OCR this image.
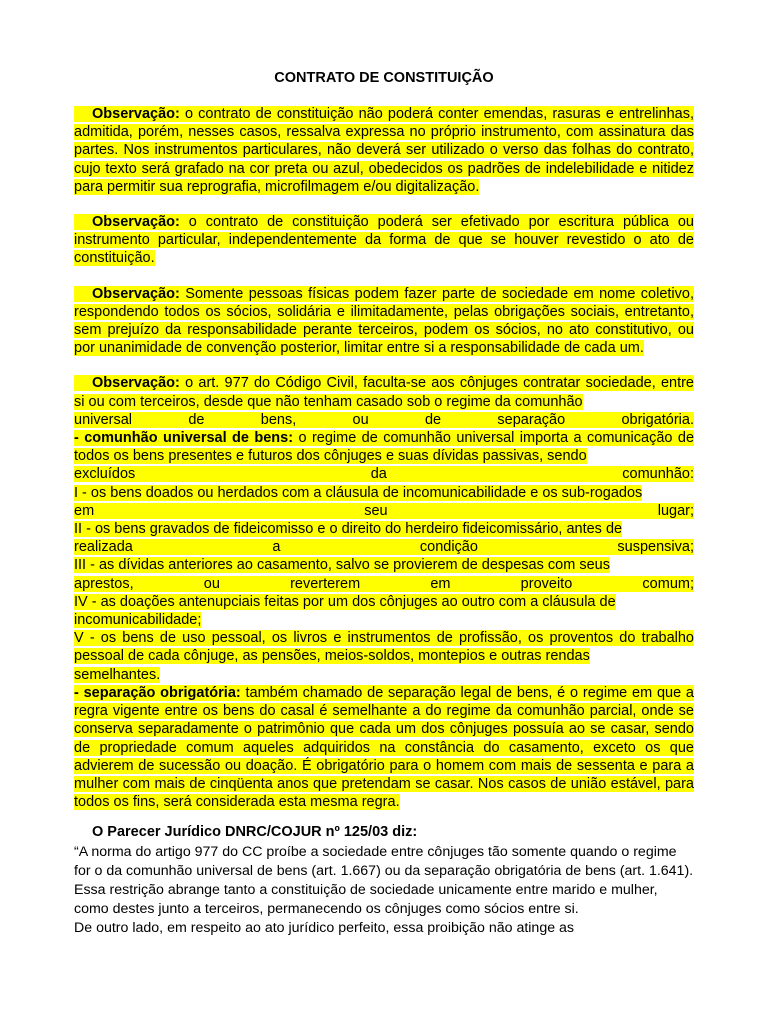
CONTRATO DE CONSTITUIÇÃO
Observação: o contrato de constituição não poderá conter emendas, rasuras e entrelinhas, admitida, porém, nesses casos, ressalva expressa no próprio instrumento, com assinatura das partes. Nos instrumentos particulares, não deverá ser utilizado o verso das folhas do contrato, cujo texto será grafado na cor preta ou azul, obedecidos os padrões de indelebilidade e nitidez para permitir sua reprografia, microfilmagem e/ou digitalização.
Observação: o contrato de constituição poderá ser efetivado por escritura pública ou instrumento particular, independentemente da forma de que se houver revestido o ato de constituição.
Observação: Somente pessoas físicas podem fazer parte de sociedade em nome coletivo, respondendo todos os sócios, solidária e ilimitadamente, pelas obrigações sociais, entretanto, sem prejuízo da responsabilidade perante terceiros, podem os sócios, no ato constitutivo, ou por unanimidade de convenção posterior, limitar entre si a responsabilidade de cada um.
Observação: o art. 977 do Código Civil, faculta-se aos cônjuges contratar sociedade, entre si ou com terceiros, desde que não tenham casado sob o regime da comunhão
universal de bens, ou de separação obrigatória.
- comunhão universal de bens: o regime de comunhão universal importa a comunicação de todos os bens presentes e futuros dos cônjuges e suas dívidas passivas, sendo
excluídos da comunhão:
I - os bens doados ou herdados com a cláusula de incomunicabilidade e os sub-rogados
em seu lugar;
II - os bens gravados de fideicomisso e o direito do herdeiro fideicomissário, antes de
realizada a condição suspensiva;
III - as dívidas anteriores ao casamento, salvo se provierem de despesas com seus
aprestos, ou reverterem em proveito comum;
IV - as doações antenupciais feitas por um dos cônjuges ao outro com a cláusula de
incomunicabilidade;
V - os bens de uso pessoal, os livros e instrumentos de profissão, os proventos do trabalho pessoal de cada cônjuge, as pensões, meios-soldos, montepios e outras rendas
semelhantes.
- separação obrigatória: também chamado de separação legal de bens, é o regime em que a regra vigente entre os bens do casal é semelhante a do regime da comunhão parcial, onde se conserva separadamente o patrimônio que cada um dos cônjuges possuía ao se casar, sendo de propriedade comum aqueles adquiridos na constância do casamento, exceto os que advierem de sucessão ou doação. É obrigatório para o homem com mais de sessenta e para a mulher com mais de cinqüenta anos que pretendam se casar. Nos casos de união estável, para todos os fins, será considerada esta mesma regra.
O Parecer Jurídico DNRC/COJUR nº 125/03 diz:

“A norma do artigo 977 do CC proíbe a sociedade entre cônjuges tão somente quando o regime for o da comunhão universal de bens (art. 1.667) ou da separação obrigatória de bens (art. 1.641). Essa restrição abrange tanto a constituição de sociedade unicamente entre marido e mulher, como destes junto a terceiros, permanecendo os cônjuges como sócios entre si.

De outro lado, em respeito ao ato jurídico perfeito, essa proibição não atinge as
